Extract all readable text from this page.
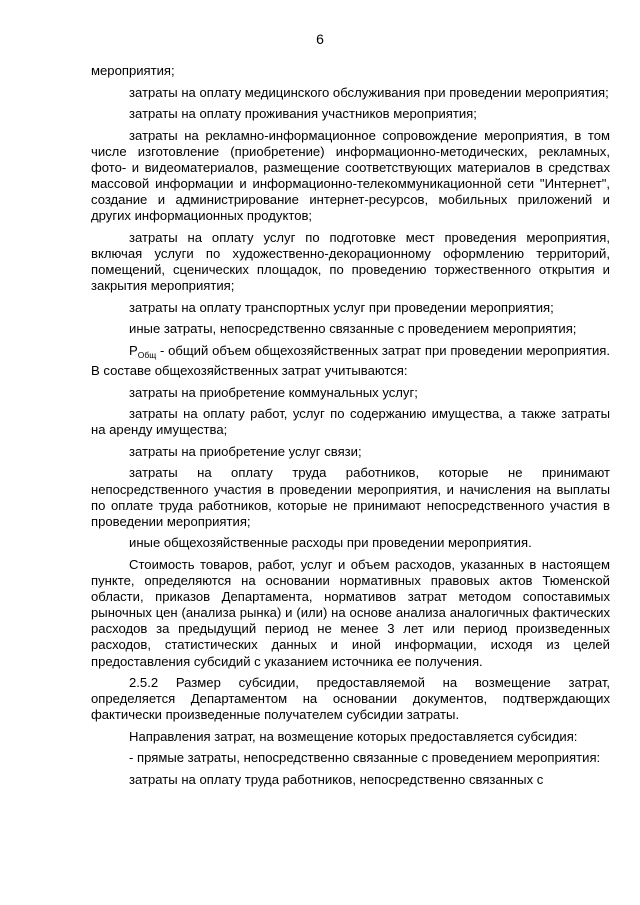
6

мероприятия;

затраты на оплату медицинского обслуживания при проведении мероприятия;

затраты на оплату проживания участников мероприятия;

затраты на рекламно-информационное сопровождение мероприятия, в том числе изготовление (приобретение) информационно-методических, рекламных, фото- и видеоматериалов, размещение соответствующих материалов в средствах массовой информации и информационно-телекоммуникационной сети "Интернет", создание и администрирование интернет-ресурсов, мобильных приложений и других информационных продуктов;

затраты на оплату услуг по подготовке мест проведения мероприятия, включая услуги по художественно-декорационному оформлению территорий, помещений, сценических площадок, по проведению торжественного открытия и закрытия мероприятия;

затраты на оплату транспортных услуг при проведении мероприятия;

иные затраты, непосредственно связанные с проведением мероприятия;

$P_{Общ}$ - общий объем общехозяйственных затрат при проведении мероприятия. В составе общехозяйственных затрат учитываются:

затраты на приобретение коммунальных услуг;

затраты на оплату работ, услуг по содержанию имущества, а также затраты на аренду имущества;

затраты на приобретение услуг связи;

затраты на оплату труда работников, которые не принимают непосредственного участия в проведении мероприятия, и начисления на выплаты по оплате труда работников, которые не принимают непосредственного участия в проведении мероприятия;

иные общехозяйственные расходы при проведении мероприятия.

Стоимость товаров, работ, услуг и объем расходов, указанных в настоящем пункте, определяются на основании нормативных правовых актов Тюменской области, приказов Департамента, нормативов затрат методом сопоставимых рыночных цен (анализа рынка) и (или) на основе анализа аналогичных фактических расходов за предыдущий период не менее 3 лет или период произведенных расходов, статистических данных и иной информации, исходя из целей предоставления субсидий с указанием источника ее получения.

2.5.2 Размер субсидии, предоставляемой на возмещение затрат, определяется Департаментом на основании документов, подтверждающих фактически произведенные получателем субсидии затраты.

Направления затрат, на возмещение которых предоставляется субсидия:

- прямые затраты, непосредственно связанные с проведением мероприятия:

затраты на оплату труда работников, непосредственно связанных с
